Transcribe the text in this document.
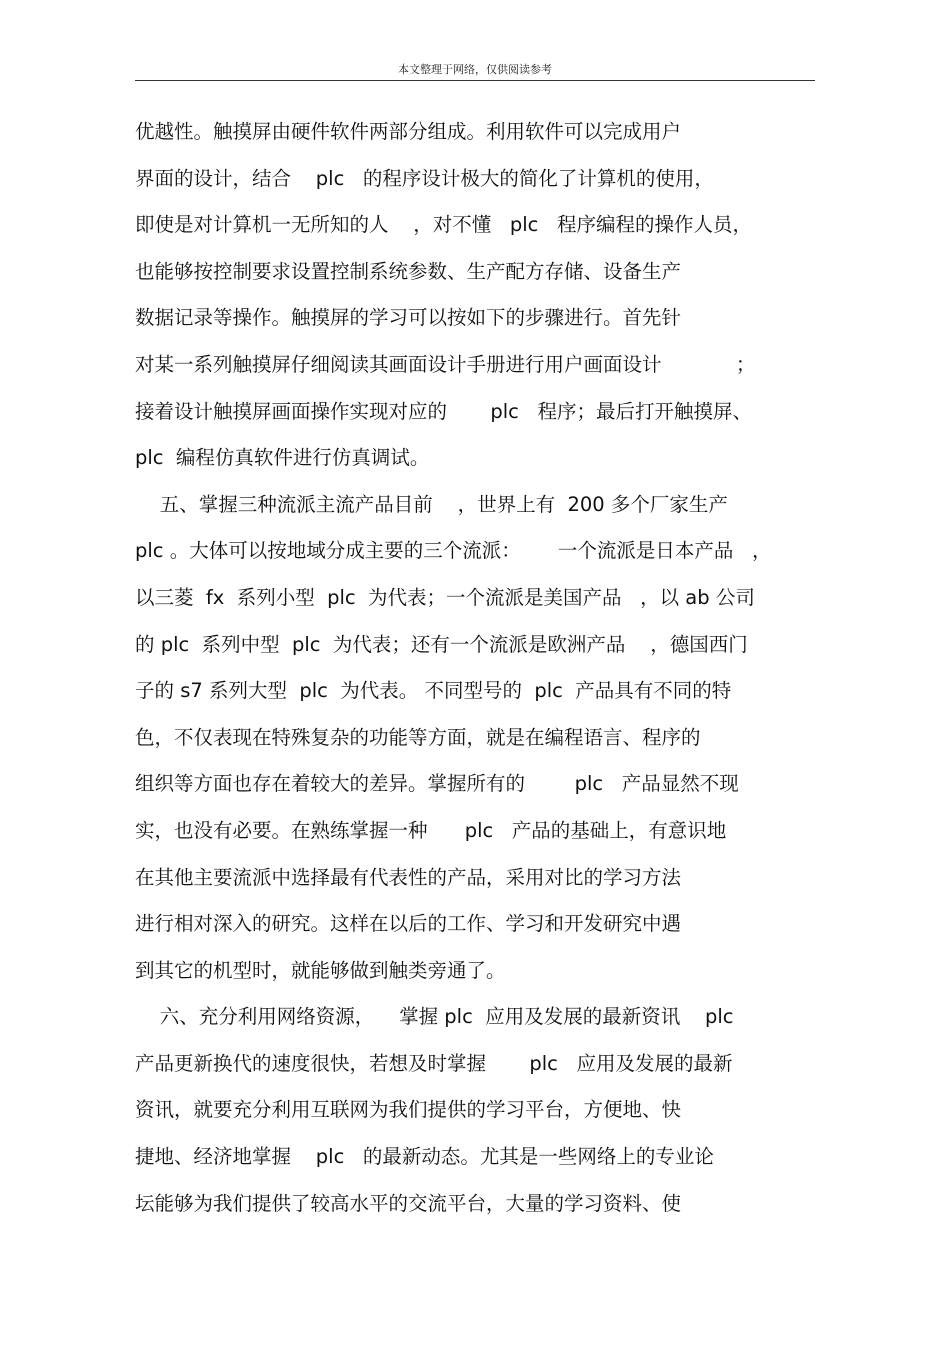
本文整理于网络，仅供阅读参考
优越性。触摸屏由硬件软件两部分组成。利用软件可以完成用户
界面的设计，结合    plc   的程序设计极大的简化了计算机的使用，
即使是对计算机一无所知的人    ，对不懂   plc   程序编程的操作人员，
也能够按控制要求设置控制系统参数、生产配方存储、设备生产
数据记录等操作。触摸屏的学习可以按如下的步骤进行。首先针
对某一系列触摸屏仔细阅读其画面设计手册进行用户画面设计            ；
接着设计触摸屏画面操作实现对应的       plc   程序；最后打开触摸屏、
plc  编程仿真软件进行仿真调试。
五、掌握三种流派主流产品目前    ，世界上有  200 多个厂家生产
plc 。大体可以按地域分成主要的三个流派：      一个流派是日本产品   ，
以三菱  fx  系列小型  plc  为代表；一个流派是美国产品   ，以 ab 公司
的 plc  系列中型  plc  为代表；还有一个流派是欧洲产品    ，德国西门
子的 s7 系列大型  plc  为代表。 不同型号的  plc  产品具有不同的特
色，不仅表现在特殊复杂的功能等方面，就是在编程语言、程序的
组织等方面也存在着较大的差异。掌握所有的        plc   产品显然不现
实，也没有必要。在熟练掌握一种      plc   产品的基础上，有意识地
在其他主要流派中选择最有代表性的产品，采用对比的学习方法
进行相对深入的研究。这样在以后的工作、学习和开发研究中遇
到其它的机型时，就能够做到触类旁通了。
六、充分利用网络资源，    掌握 plc  应用及发展的最新资讯    plc
产品更新换代的速度很快，若想及时掌握       plc   应用及发展的最新
资讯，就要充分利用互联网为我们提供的学习平台，方便地、快
捷地、经济地掌握    plc   的最新动态。尤其是一些网络上的专业论
坛能够为我们提供了较高水平的交流平台，大量的学习资料、使
